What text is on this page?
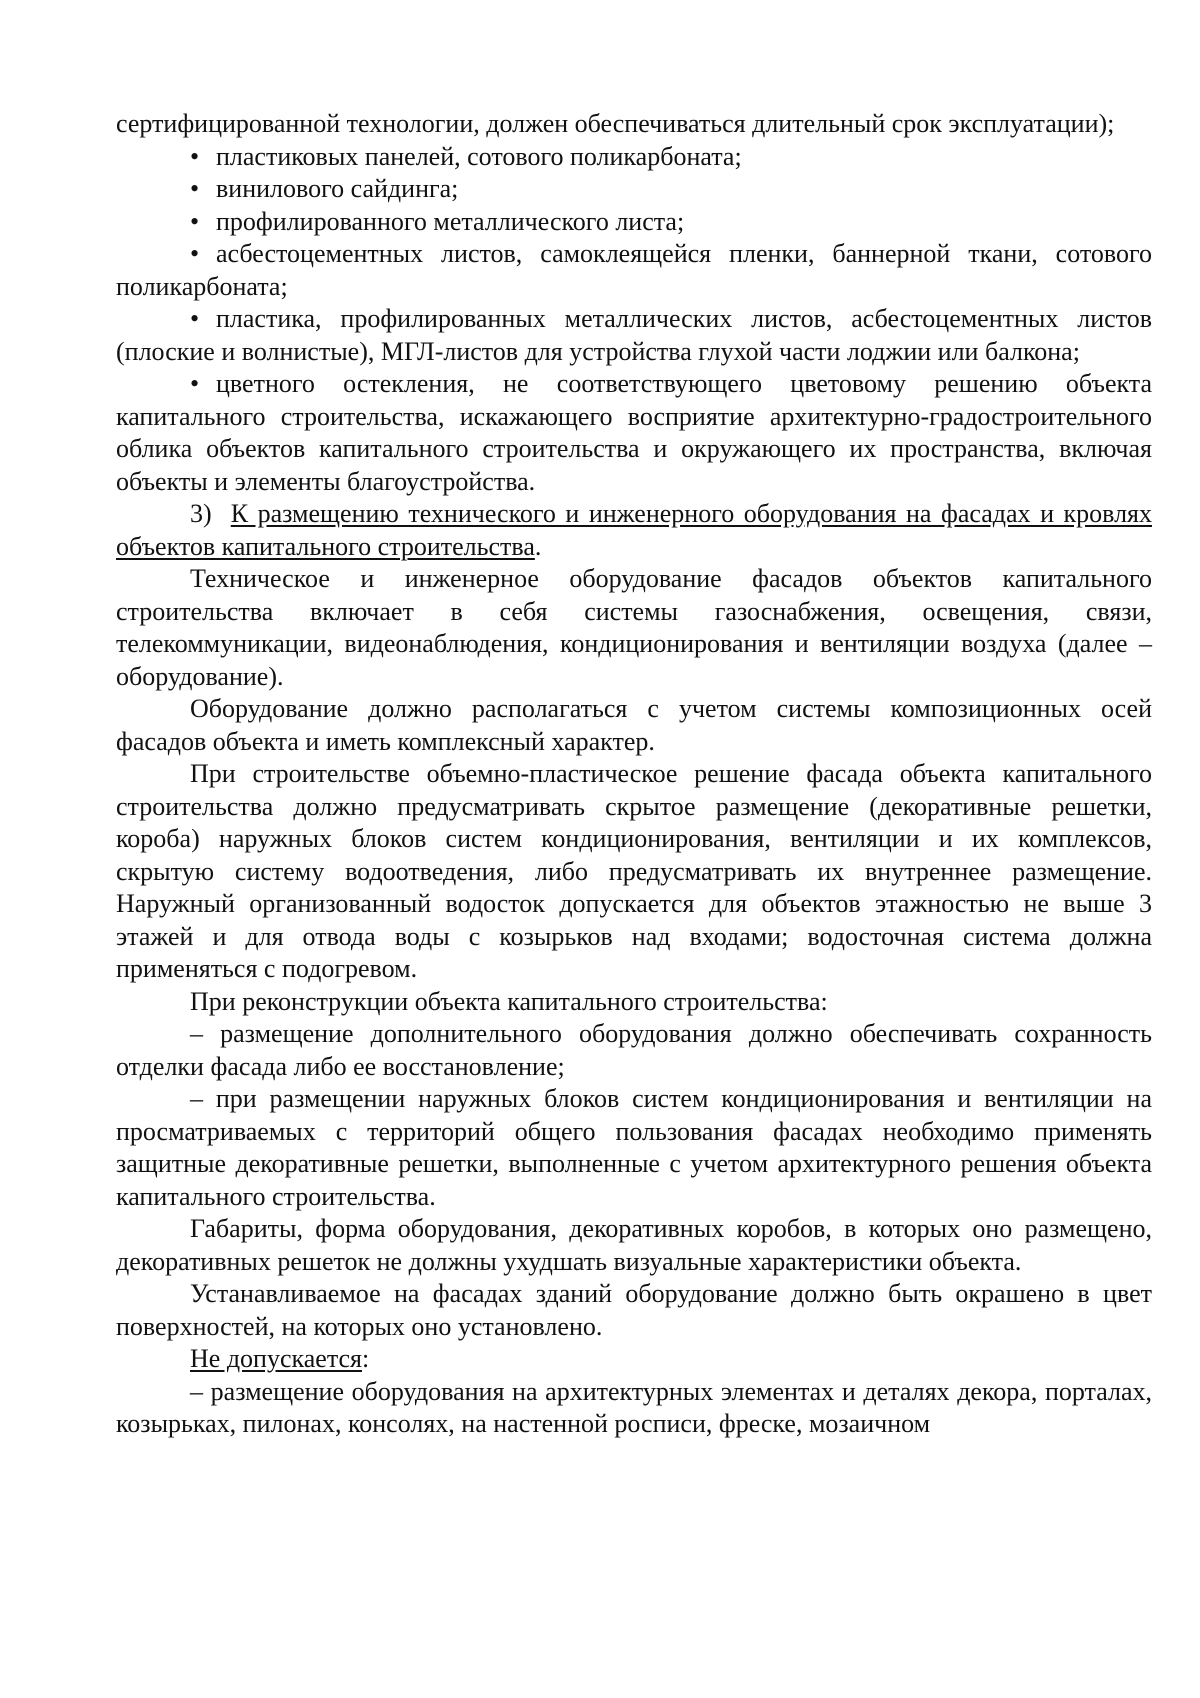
сертифицированной технологии, должен обеспечиваться длительный срок эксплуатации);

• пластиковых панелей, сотового поликарбоната;

• винилового сайдинга;

• профилированного металлического листа;

• асбестоцементных листов, самоклеящейся пленки, баннерной ткани, сотового поликарбоната;

• пластика, профилированных металлических листов, асбестоцементных листов (плоские и волнистые), МГЛ-листов для устройства глухой части лоджии или балкона;

• цветного остекления, не соответствующего цветовому решению объекта капитального строительства, искажающего восприятие архитектурно-градостроительного облика объектов капитального строительства и окружающего их пространства, включая объекты и элементы благоустройства.

3) К размещению технического и инженерного оборудования на фасадах и кровлях объектов капитального строительства.

Техническое и инженерное оборудование фасадов объектов капитального строительства включает в себя системы газоснабжения, освещения, связи, телекоммуникации, видеонаблюдения, кондиционирования и вентиляции воздуха (далее – оборудование).

Оборудование должно располагаться с учетом системы композиционных осей фасадов объекта и иметь комплексный характер.

При строительстве объемно-пластическое решение фасада объекта капитального строительства должно предусматривать скрытое размещение (декоративные решетки, короба) наружных блоков систем кондиционирования, вентиляции и их комплексов, скрытую систему водоотведения, либо предусматривать их внутреннее размещение. Наружный организованный водосток допускается для объектов этажностью не выше 3 этажей и для отвода воды с козырьков над входами; водосточная система должна применяться с подогревом.

При реконструкции объекта капитального строительства:

– размещение дополнительного оборудования должно обеспечивать сохранность отделки фасада либо ее восстановление;

– при размещении наружных блоков систем кондиционирования и вентиляции на просматриваемых с территорий общего пользования фасадах необходимо применять защитные декоративные решетки, выполненные с учетом архитектурного решения объекта капитального строительства.

Габариты, форма оборудования, декоративных коробов, в которых оно размещено, декоративных решеток не должны ухудшать визуальные характеристики объекта.

Устанавливаемое на фасадах зданий оборудование должно быть окрашено в цвет поверхностей, на которых оно установлено.

Не допускается:

– размещение оборудования на архитектурных элементах и деталях декора, порталах, козырьках, пилонах, консолях, на настенной росписи, фреске, мозаичном
